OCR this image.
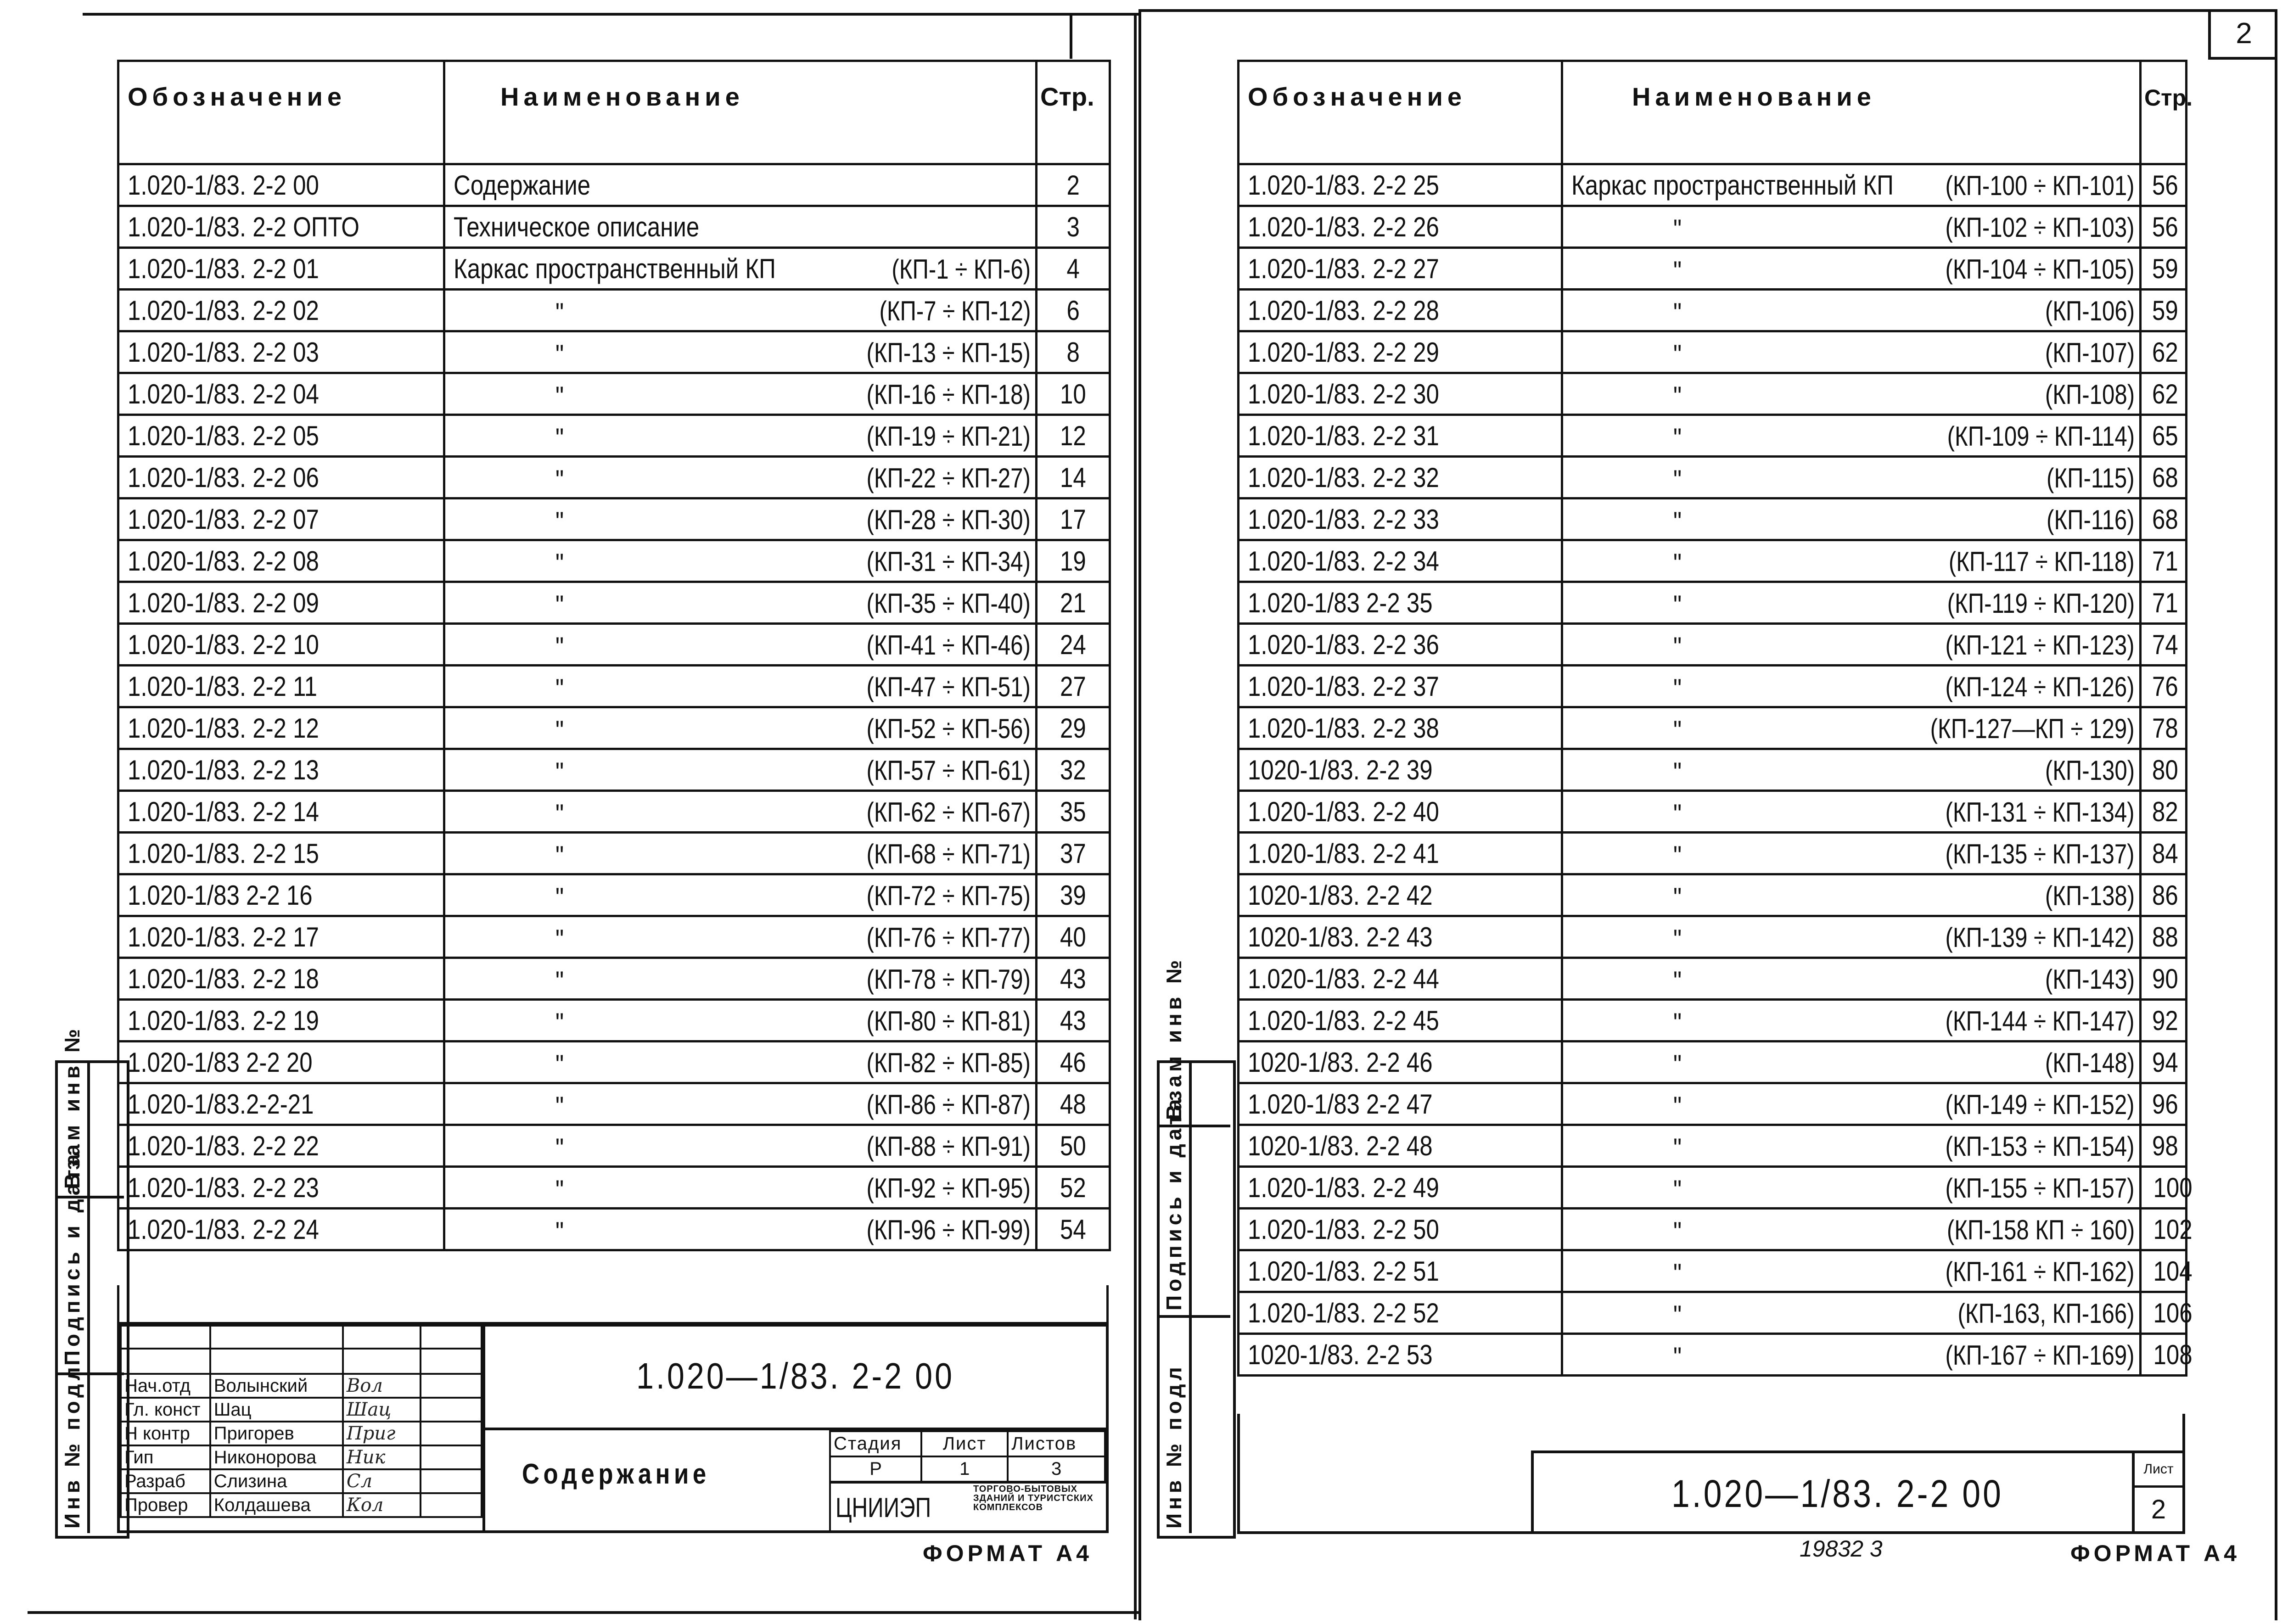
Обозначение	Наименование	Стр.
1.020-1/83. 2-2 00	Содержание	2
1.020-1/83. 2-2 ОПТО	Техническое описание	3
1.020-1/83. 2-2 01	Каркас пространственный КП (КП-1 ÷ КП-6)	4
1.020-1/83. 2-2 02	" (КП-7 ÷ КП-12)	6
1.020-1/83. 2-2 03	" (КП-13 ÷ КП-15)	8
1.020-1/83. 2-2 04	" (КП-16 ÷ КП-18)	10
1.020-1/83. 2-2 05	" (КП-19 ÷ КП-21)	12
1.020-1/83. 2-2 06	" (КП-22 ÷ КП-27)	14
1.020-1/83. 2-2 07	" (КП-28 ÷ КП-30)	17
1.020-1/83. 2-2 08	" (КП-31 ÷ КП-34)	19
1.020-1/83. 2-2 09	" (КП-35 ÷ КП-40)	21
1.020-1/83. 2-2 10	" (КП-41 ÷ КП-46)	24
1.020-1/83. 2-2 11	" (КП-47 ÷ КП-51)	27
1.020-1/83. 2-2 12	" (КП-52 ÷ КП-56)	29
1.020-1/83. 2-2 13	" (КП-57 ÷ КП-61)	32
1.020-1/83. 2-2 14	" (КП-62 ÷ КП-67)	35
1.020-1/83. 2-2 15	" (КП-68 ÷ КП-71)	37
1.020-1/83 2-2 16	" (КП-72 ÷ КП-75)	39
1.020-1/83. 2-2 17	" (КП-76 ÷ КП-77)	40
1.020-1/83. 2-2 18	" (КП-78 ÷ КП-79)	43
1.020-1/83. 2-2 19	" (КП-80 ÷ КП-81)	43
1.020-1/83 2-2 20	" (КП-82 ÷ КП-85)	46
1.020-1/83.2-2-21	" (КП-86 ÷ КП-87)	48
1.020-1/83. 2-2 22	" (КП-88 ÷ КП-91)	50
1.020-1/83. 2-2 23	" (КП-92 ÷ КП-95)	52
1.020-1/83. 2-2 24	" (КП-96 ÷ КП-99)	54
Взам инв №
Подпись и дата
Инв № подл

			Нач.отд	Волынский	Вол	
Гл. конст	Шац	Шац	
Н контр	Пригорев	Приг	
Гип	Никонорова	Ник	
Разраб	Слизина	Сл	
Провер	Колдашева	Кол	
1.020—1/83. 2-2 00
Содержание
Стадия	Лист	Листов
Р	1	3
ЦНИИЭП
ТОРГОВО-БЫТОВЫХ ЗДАНИЙ И ТУРИСТСКИХ КОМПЛЕКСОВ
ФОРМАТ А4
2
Обозначение	Наименование	Стр.
1.020-1/83. 2-2 25	Каркас пространственный КП (КП-100 ÷ КП-101)	56
1.020-1/83. 2-2 26	" (КП-102 ÷ КП-103)	56
1.020-1/83. 2-2 27	" (КП-104 ÷ КП-105)	59
1.020-1/83. 2-2 28	" (КП-106)	59
1.020-1/83. 2-2 29	" (КП-107)	62
1.020-1/83. 2-2 30	" (КП-108)	62
1.020-1/83. 2-2 31	" (КП-109 ÷ КП-114)	65
1.020-1/83. 2-2 32	" (КП-115)	68
1.020-1/83. 2-2 33	" (КП-116)	68
1.020-1/83. 2-2 34	" (КП-117 ÷ КП-118)	71
1.020-1/83 2-2 35	" (КП-119 ÷ КП-120)	71
1.020-1/83. 2-2 36	" (КП-121 ÷ КП-123)	74
1.020-1/83. 2-2 37	" (КП-124 ÷ КП-126)	76
1.020-1/83. 2-2 38	" (КП-127—КП ÷ 129)	78
1020-1/83. 2-2 39	" (КП-130)	80
1.020-1/83. 2-2 40	" (КП-131 ÷ КП-134)	82
1.020-1/83. 2-2 41	" (КП-135 ÷ КП-137)	84
1020-1/83. 2-2 42	" (КП-138)	86
1020-1/83. 2-2 43	" (КП-139 ÷ КП-142)	88
1.020-1/83. 2-2 44	" (КП-143)	90
1.020-1/83. 2-2 45	" (КП-144 ÷ КП-147)	92
1020-1/83. 2-2 46	" (КП-148)	94
1.020-1/83 2-2 47	" (КП-149 ÷ КП-152)	96
1020-1/83. 2-2 48	" (КП-153 ÷ КП-154)	98
1.020-1/83. 2-2 49	" (КП-155 ÷ КП-157)	100
1.020-1/83. 2-2 50	" (КП-158 КП ÷ 160)	102
1.020-1/83. 2-2 51	" (КП-161 ÷ КП-162)	104
1.020-1/83. 2-2 52	" (КП-163, КП-166)	106
1020-1/83. 2-2 53	" (КП-167 ÷ КП-169)	108
Взам инв №
Подпись и дата
Инв № подл	1.020—1/83. 2-2 00
Лист
2
19832 3	ФОРМАТ А4
